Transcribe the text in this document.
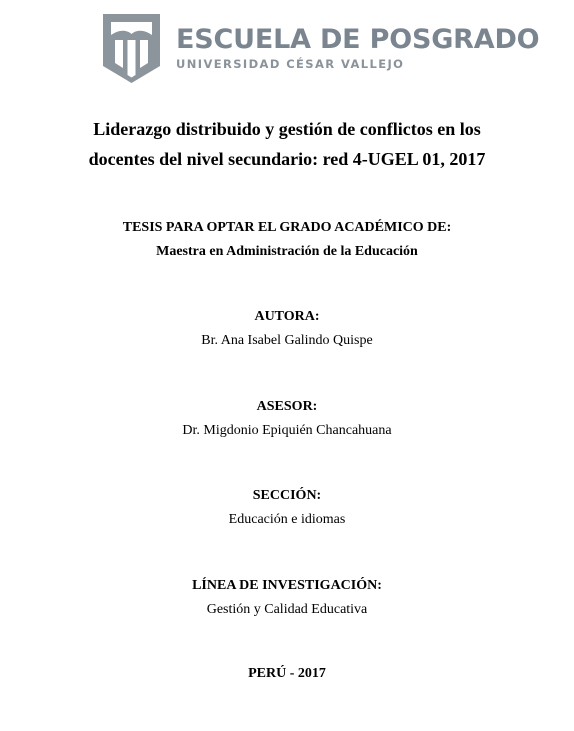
ESCUELA DE POSGRADO
UNIVERSIDAD CÉSAR VALLEJO
Liderazgo distribuido y gestión de conflictos en los
docentes del nivel secundario: red 4-UGEL 01, 2017
TESIS PARA OPTAR EL GRADO ACADÉMICO DE:
Maestra en Administración de la Educación
AUTORA:
Br. Ana Isabel Galindo Quispe
ASESOR:
Dr. Migdonio Epiquién Chancahuana
SECCIÓN:
Educación e idiomas
LÍNEA DE INVESTIGACIÓN:
Gestión y Calidad Educativa
PERÚ - 2017
